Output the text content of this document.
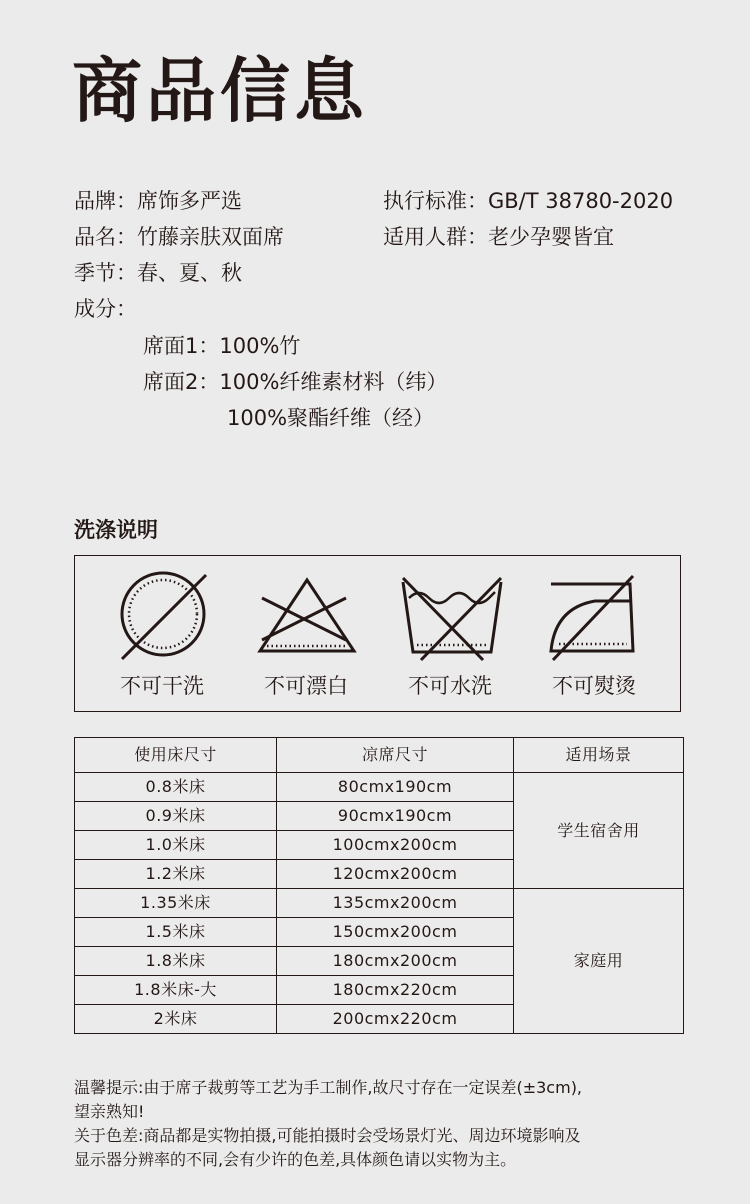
商品信息
品牌：席饰多严选	执行标准：GB/T 38780-2020
品名：竹藤亲肤双面席	适用人群：老少孕婴皆宜
季节：春、夏、秋
成分：
席面1：100%竹
席面2：100%纤维素材料（纬）
100%聚酯纤维（经）
洗涤说明
不可干洗	不可漂白	不可水洗	不可熨烫
使用床尺寸	凉席尺寸	适用场景
0.8米床	80cmx190cm	学生宿舍用
0.9米床	90cmx190cm	
1.0米床	100cmx200cm	
1.2米床	120cmx200cm	
1.35米床	135cmx200cm	家庭用
1.5米床	150cmx200cm	
1.8米床	180cmx200cm	
1.8米床-大	180cmx220cm	
2米床	200cmx220cm	

温馨提示:由于席子裁剪等工艺为手工制作,故尺寸存在一定误差(±3cm),

望亲熟知!

关于色差:商品都是实物拍摄,可能拍摄时会受场景灯光、周边环境影响及

显示器分辨率的不同,会有少许的色差,具体颜色请以实物为主。
